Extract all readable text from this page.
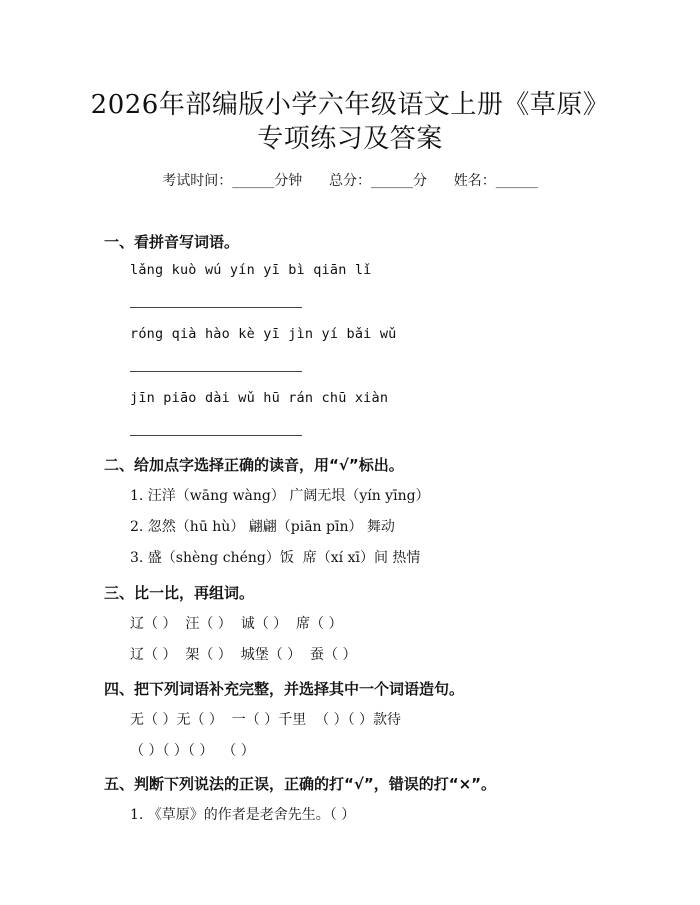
2026年部编版小学六年级语文上册《草原》
专项练习及答案
考试时间：______分钟      总分：______分      姓名：______
一、看拼音写词语。
lǎng kuò wú yín yī bì qiān lǐ
róng qià hào kè yī jìn yí bǎi wǔ
jīn piāo dài wǔ hū rán chū xiàn
二、给加点字选择正确的读音，用“√”标出。
1. 汪洋（wāng wàng） 广阔无垠（yín yīng）
2. 忽然（hū hù） 翩翩（piān pīn） 舞动
3. 盛（shèng chéng）饭  席（xí xī）间 热情
三、比一比，再组词。
辽（ ）  汪（ ）  诚（ ）  席（ ）
辽（ ）  架（ ）  城堡（ ）  蚕（ ）
四、把下列词语补充完整，并选择其中一个词语造句。
无（ ）无（ ）  一（ ）千里  （ ）（ ）款待
（ ）（ ）（ ）  （ ）
五、判断下列说法的正误，正确的打“√”，错误的打“×”。
1. 《草原》的作者是老舍先生。（ ）
